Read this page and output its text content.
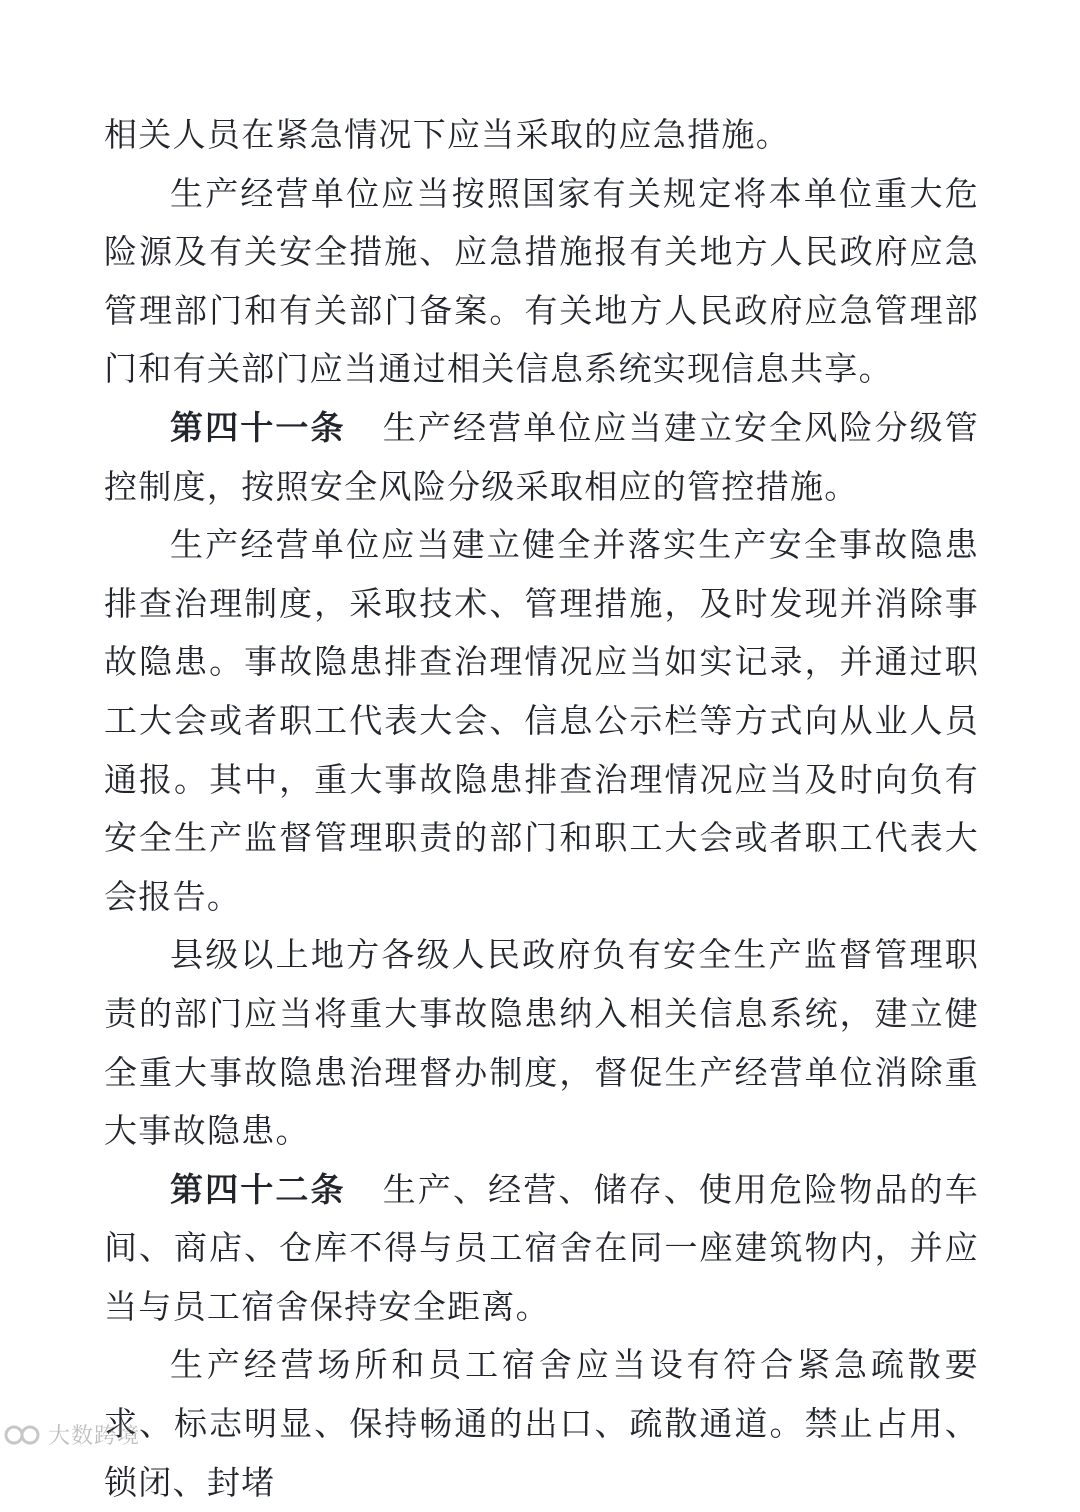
相关人员在紧急情况下应当采取的应急措施。

生产经营单位应当按照国家有关规定将本单位重大危险源及有关安全措施、应急措施报有关地方人民政府应急管理部门和有关部门备案。有关地方人民政府应急管理部门和有关部门应当通过相关信息系统实现信息共享。

第四十一条 生产经营单位应当建立安全风险分级管控制度，按照安全风险分级采取相应的管控措施。

生产经营单位应当建立健全并落实生产安全事故隐患排查治理制度，采取技术、管理措施，及时发现并消除事故隐患。事故隐患排查治理情况应当如实记录，并通过职工大会或者职工代表大会、信息公示栏等方式向从业人员通报。其中，重大事故隐患排查治理情况应当及时向负有安全生产监督管理职责的部门和职工大会或者职工代表大会报告。

县级以上地方各级人民政府负有安全生产监督管理职责的部门应当将重大事故隐患纳入相关信息系统，建立健全重大事故隐患治理督办制度，督促生产经营单位消除重大事故隐患。

第四十二条 生产、经营、储存、使用危险物品的车间、商店、仓库不得与员工宿舍在同一座建筑物内，并应当与员工宿舍保持安全距离。

生产经营场所和员工宿舍应当设有符合紧急疏散要求、标志明显、保持畅通的出口、疏散通道。禁止占用、锁闭、封堵

大数跨境
